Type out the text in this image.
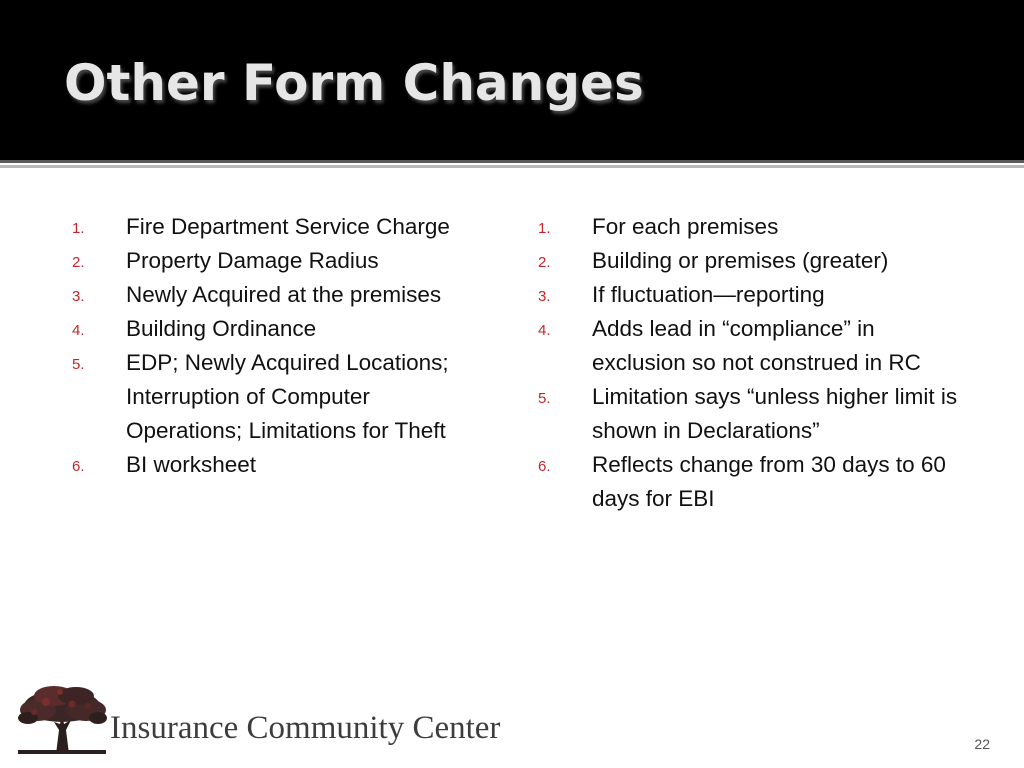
Other Form Changes
1. Fire Department Service Charge
2. Property Damage Radius
3. Newly Acquired at the premises
4. Building Ordinance
5. EDP; Newly Acquired Locations; Interruption of Computer Operations; Limitations for Theft
6. BI worksheet
1. For each premises
2. Building or premises (greater)
3. If fluctuation—reporting
4. Adds lead in “compliance” in exclusion so not construed in RC
5. Limitation says “unless higher limit is shown in Declarations”
6. Reflects change from 30 days to 60 days for EBI
Insurance Community Center	22
